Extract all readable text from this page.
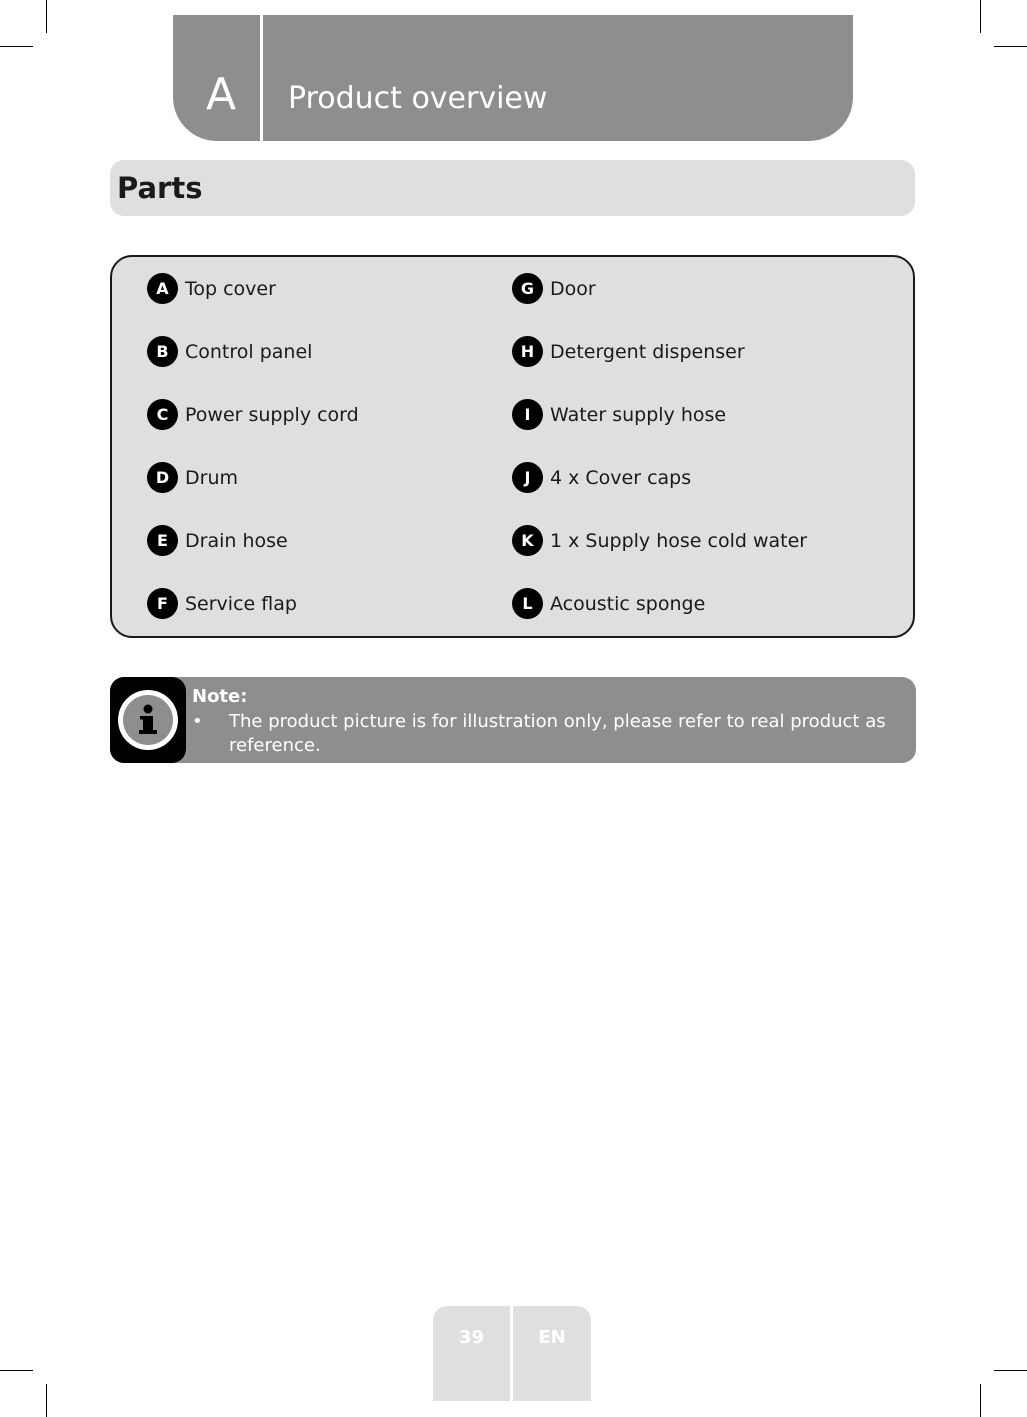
A Product overview
Parts
A Top cover
B Control panel
C Power supply cord
D Drum
E Drain hose
F Service flap
G Door
H Detergent dispenser
I	Water supply hose
J	4 x Cover caps
K 1 x Supply hose cold water
L Acoustic sponge
Note:
• The product picture is for illustration only, please refer to real product as reference.
39	EN
